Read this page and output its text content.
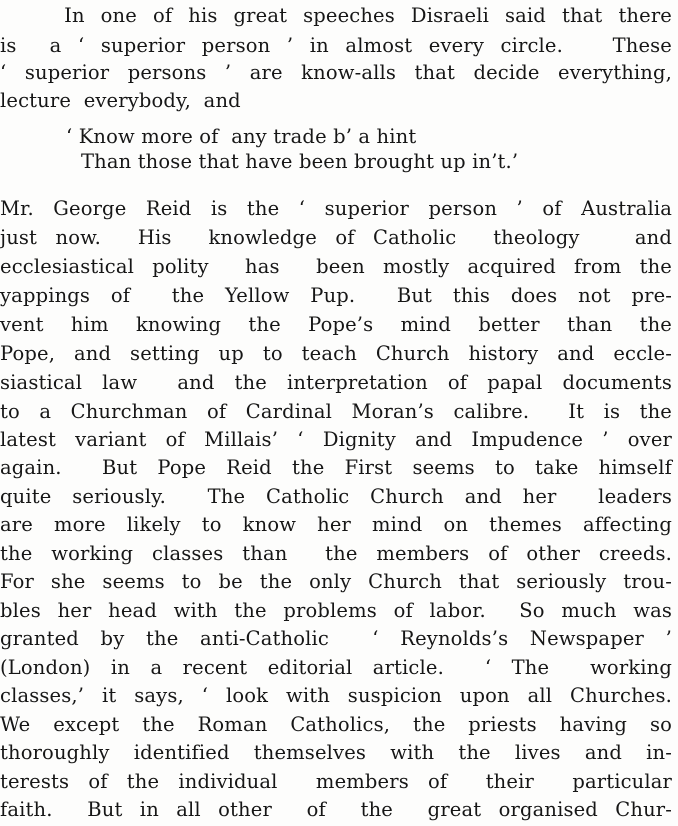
In one of his great speeches Disraeli said that there
is  a ‘ superior person ’ in almost every circle.   These
‘ superior persons ’ are know-alls that decide everything,
lecture  everybody,  and
‘ Know more of  any trade b’ a hint
Than those that have been brought up in’t.’
Mr. George Reid is the ‘ superior person ’ of Australia
just now.  His  knowledge of Catholic  theology   and
ecclesiastical polity  has  been mostly acquired from the
yappings of  the Yellow Pup.  But this does not pre-
vent him knowing the Pope’s mind better than the
Pope, and setting up to teach Church history and eccle-
siastical law  and the interpretation of papal documents
to a Churchman of Cardinal Moran’s calibre.  It is the
latest variant of Millais’ ‘ Dignity and Impudence ’ over
again.  But Pope Reid the First seems to take himself
quite seriously.  The Catholic Church and her  leaders
are more likely to know her mind on themes affecting
the working classes than  the members of other creeds.
For she seems to be the only Church that seriously trou-
bles her head with the problems of labor.  So much was
granted by the anti-Catholic  ‘ Reynolds’s Newspaper ’
(London) in a recent editorial article.  ‘ The  working
classes,’ it says, ‘ look with suspicion upon all Churches.
We except the Roman Catholics, the priests having so
thoroughly identified themselves with the lives and in-
terests of the individual  members of  their  particular
faith.  But in all other  of  the  great organised Chur-
